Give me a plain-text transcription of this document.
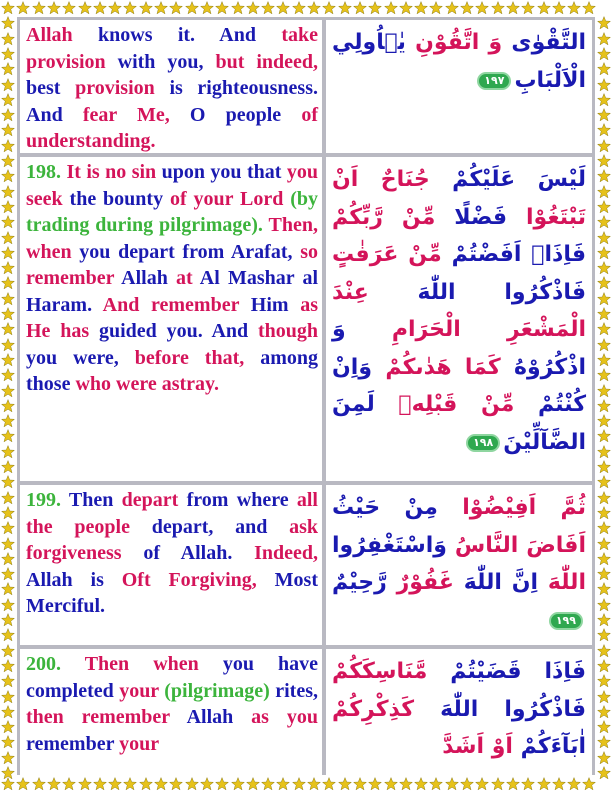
Allah knows it. And take provision with you, but indeed, best provision is righteousness. And fear Me, O people of understanding.
التَّقْوٰى وَ اتَّقُوْنِ يٰۤاُولِي الْاَلْبَابِ١٩٧
198. It is no sin upon you that you seek the bounty of your Lord (by trading during pilgrimage). Then, when you depart from Arafat, so remember Allah at Al Mashar al Haram. And remember Him as He has guided you. And though you were, before that, among those who were astray.
لَيْسَ عَلَيْكُمْ جُنَاحٌ اَنْ تَبْتَغُوْا فَضْلًا مِّنْ رَّبِّكُمْ فَاِذَاۤ اَفَضْتُمْ مِّنْ عَرَفٰتٍ فَاذْكُرُوا اللّٰهَ عِنْدَ الْمَشْعَرِ الْحَرَامِ وَ اذْكُرُوْهُ كَمَا هَدٰىكُمْ وَاِنْ كُنْتُمْ مِّنْ قَبْلِهٖ لَمِنَ الضَّآلِّيْنَ١٩٨
199. Then depart from where all the people depart, and ask forgiveness of Allah. Indeed, Allah is Oft Forgiving, Most Merciful.
ثُمَّ اَفِيْضُوْا مِنْ حَيْثُ اَفَاضَ النَّاسُ وَاسْتَغْفِرُوا اللّٰهَ اِنَّ اللّٰهَ غَفُوْرٌ رَّحِيْمٌ١٩٩
200. Then when you have completed your (pilgrimage) rites, then remember Allah as you remember your
فَاِذَا قَضَيْتُمْ مَّنَاسِكَكُمْ فَاذْكُرُوا اللّٰهَ كَذِكْرِكُمْ اٰبَآءَكُمْ اَوْ اَشَدَّ
